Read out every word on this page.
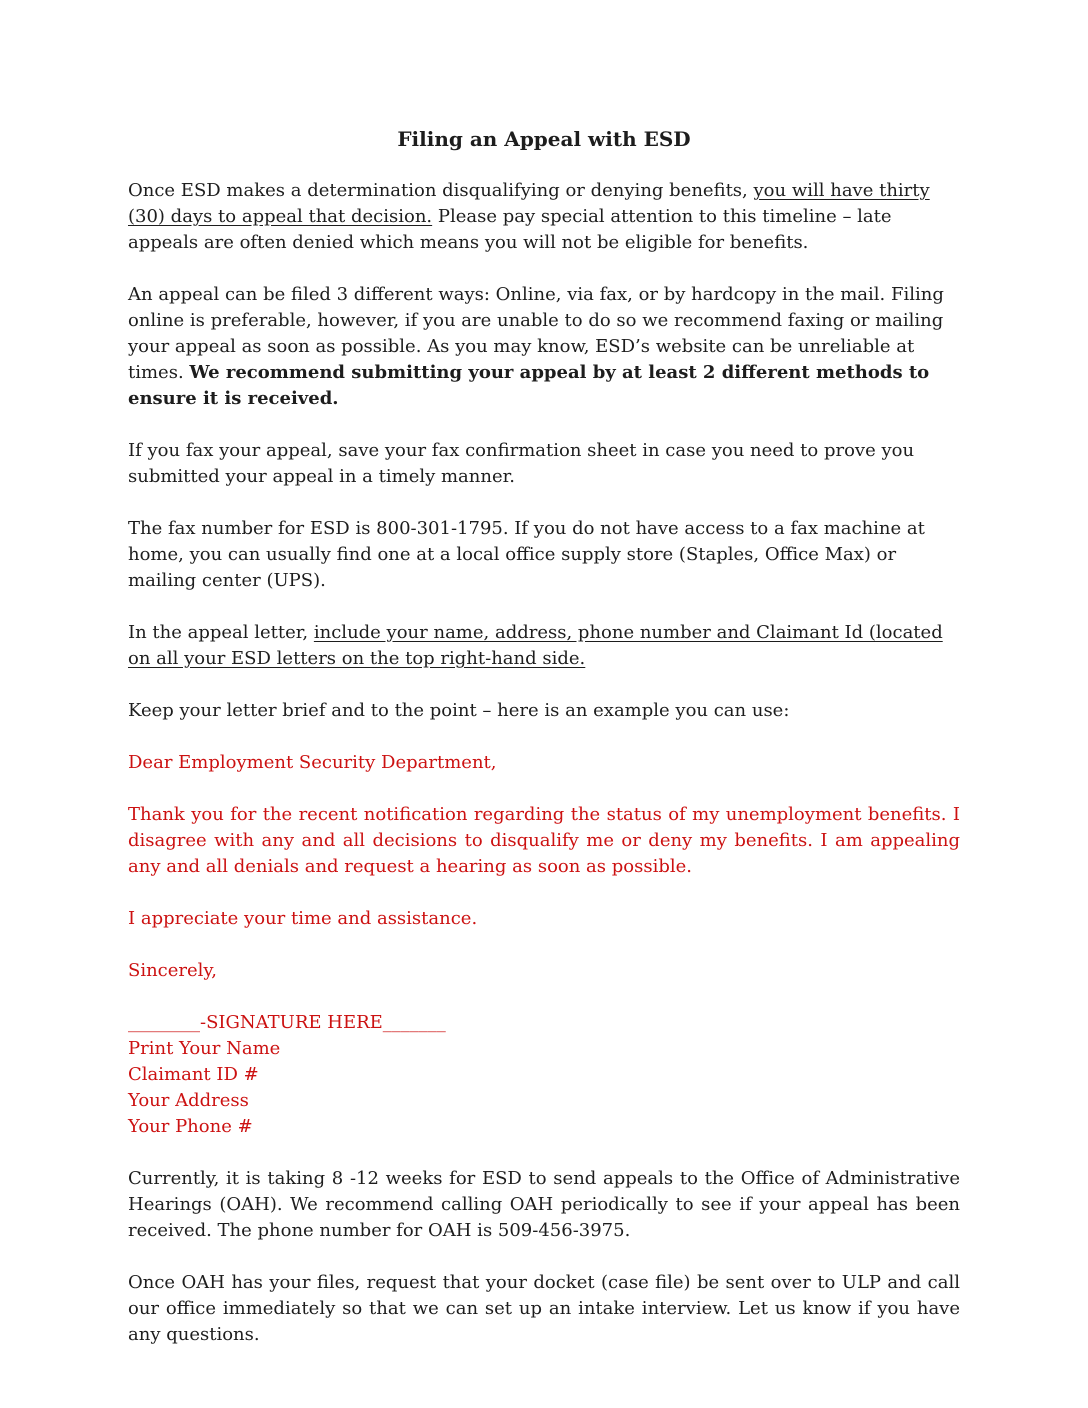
Filing an Appeal with ESD

Once ESD makes a determination disqualifying or denying benefits, you will have thirty (30) days to appeal that decision. Please pay special attention to this timeline – late appeals are often denied which means you will not be eligible for benefits.

An appeal can be filed 3 different ways: Online, via fax, or by hardcopy in the mail. Filing online is preferable, however, if you are unable to do so we recommend faxing or mailing your appeal as soon as possible. As you may know, ESD’s website can be unreliable at times. We recommend submitting your appeal by at least 2 different methods to ensure it is received.

If you fax your appeal, save your fax confirmation sheet in case you need to prove you submitted your appeal in a timely manner.

The fax number for ESD is 800-301-1795. If you do not have access to a fax machine at home, you can usually find one at a local office supply store (Staples, Office Max) or mailing center (UPS).

In the appeal letter, include your name, address, phone number and Claimant Id (located on all your ESD letters on the top right-hand side.

Keep your letter brief and to the point – here is an example you can use:

Dear Employment Security Department,

Thank you for the recent notification regarding the status of my unemployment benefits. I disagree with any and all decisions to disqualify me or deny my benefits. I am appealing any and all denials and request a hearing as soon as possible.

I appreciate your time and assistance.

Sincerely,

________-SIGNATURE HERE_______

Print Your Name

Claimant ID #

Your Address

Your Phone #

Currently, it is taking 8 -12 weeks for ESD to send appeals to the Office of Administrative Hearings (OAH). We recommend calling OAH periodically to see if your appeal has been received. The phone number for OAH is 509-456-3975.

Once OAH has your files, request that your docket (case file) be sent over to ULP and call our office immediately so that we can set up an intake interview. Let us know if you have any questions.
